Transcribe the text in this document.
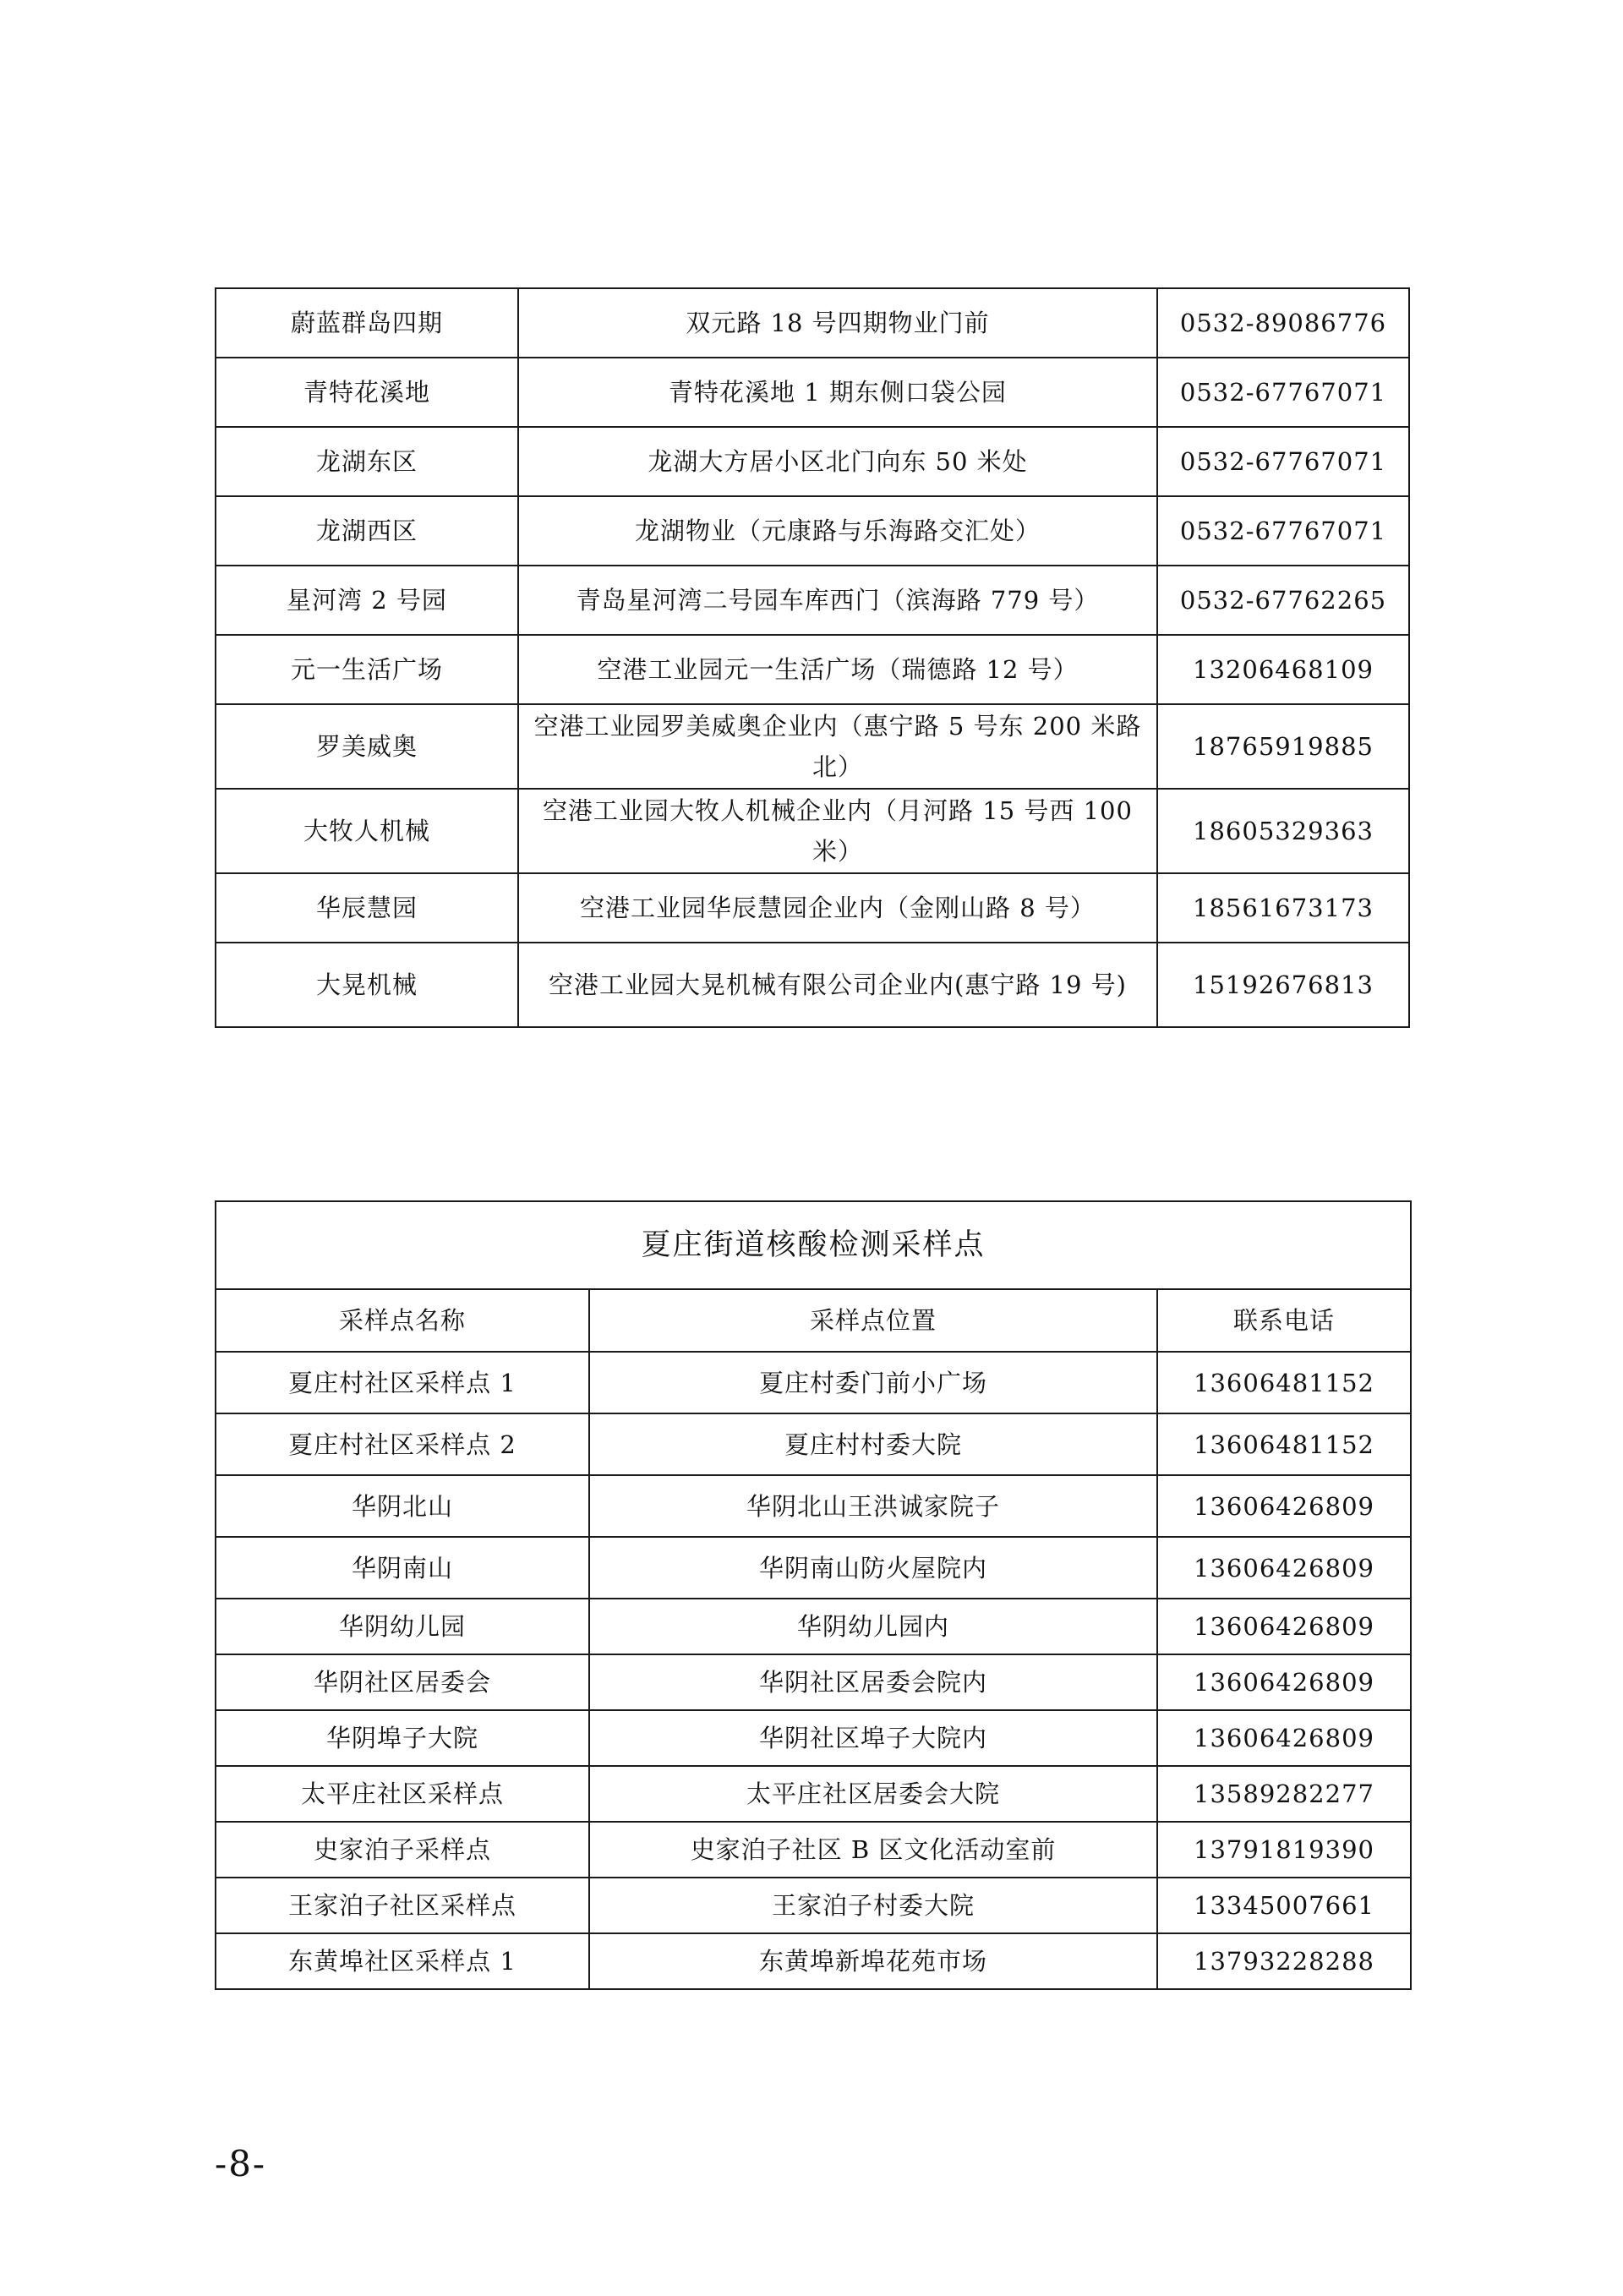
蔚蓝群岛四期	双元路 18 号四期物业门前	0532-89086776
青特花溪地	青特花溪地 1 期东侧口袋公园	0532-67767071
龙湖东区	龙湖大方居小区北门向东 50 米处	0532-67767071
龙湖西区	龙湖物业（元康路与乐海路交汇处）	0532-67767071
星河湾 2 号园	青岛星河湾二号园车库西门（滨海路 779 号）	0532-67762265
元一生活广场	空港工业园元一生活广场（瑞德路 12 号）	13206468109
罗美威奥	空港工业园罗美威奥企业内（惠宁路 5 号东 200 米路北）	18765919885
大牧人机械	空港工业园大牧人机械企业内（月河路 15 号西 100 米）	18605329363
华辰慧园	空港工业园华辰慧园企业内（金刚山路 8 号）	18561673173
大晃机械	空港工业园大晃机械有限公司企业内(惠宁路 19 号)	15192676813
夏庄街道核酸检测采样点		
采样点名称	采样点位置	联系电话
夏庄村社区采样点 1	夏庄村委门前小广场	13606481152
夏庄村社区采样点 2	夏庄村村委大院	13606481152
华阴北山	华阴北山王洪诚家院子	13606426809
华阴南山	华阴南山防火屋院内	13606426809
华阴幼儿园	华阴幼儿园内	13606426809
华阴社区居委会	华阴社区居委会院内	13606426809
华阴埠子大院	华阴社区埠子大院内	13606426809
太平庄社区采样点	太平庄社区居委会大院	13589282277
史家泊子采样点	史家泊子社区 B 区文化活动室前	13791819390
王家泊子社区采样点	王家泊子村委大院	13345007661
东黄埠社区采样点 1	东黄埠新埠花苑市场	13793228288
-8-
